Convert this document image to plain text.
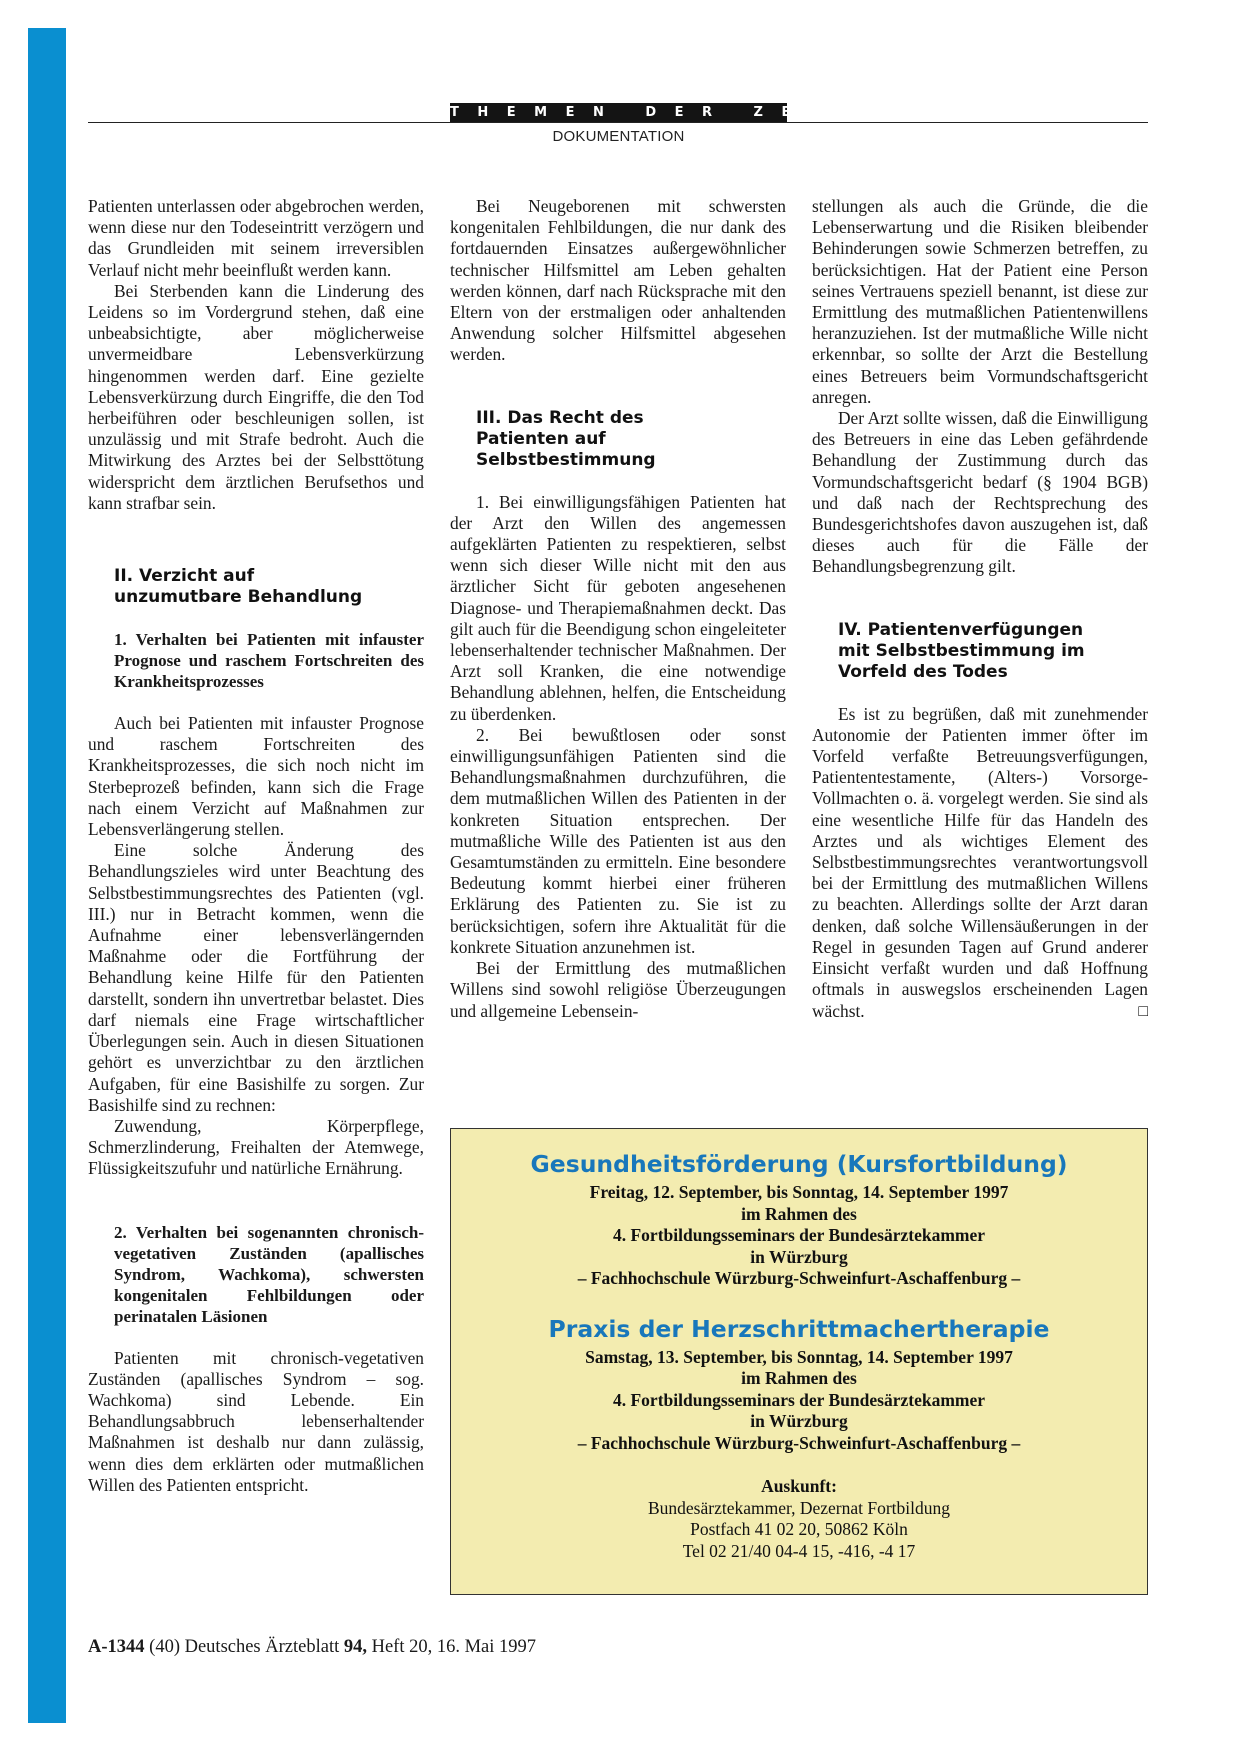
THEMEN DER ZEIT
DOKUMENTATION

Patienten unterlassen oder abgebrochen werden, wenn diese nur den Todeseintritt verzögern und das Grundleiden mit seinem irreversiblen Verlauf nicht mehr beeinflußt werden kann.

Bei Sterbenden kann die Linderung des Leidens so im Vordergrund stehen, daß eine unbeabsichtigte, aber möglicherweise unvermeidbare Lebensverkürzung hingenommen werden darf. Eine gezielte Lebensverkürzung durch Eingriffe, die den Tod herbeiführen oder beschleunigen sollen, ist unzulässig und mit Strafe bedroht. Auch die Mitwirkung des Arztes bei der Selbsttötung widerspricht dem ärztlichen Berufsethos und kann strafbar sein.

II. Verzicht auf
unzumutbare Behandlung
1. Verhalten bei Patienten mit infauster Prognose und raschem Fortschreiten des Krankheitsprozesses

Auch bei Patienten mit infauster Prognose und raschem Fortschreiten des Krankheitsprozesses, die sich noch nicht im Sterbeprozeß befinden, kann sich die Frage nach einem Verzicht auf Maßnahmen zur Lebensverlängerung stellen.

Eine solche Änderung des Behandlungszieles wird unter Beachtung des Selbstbestimmungsrechtes des Patienten (vgl. III.) nur in Betracht kommen, wenn die Aufnahme einer lebensverlängernden Maßnahme oder die Fortführung der Behandlung keine Hilfe für den Patienten darstellt, sondern ihn unvertretbar belastet. Dies darf niemals eine Frage wirtschaftlicher Überlegungen sein. Auch in diesen Situationen gehört es unverzichtbar zu den ärztlichen Aufgaben, für eine Basishilfe zu sorgen. Zur Basishilfe sind zu rechnen:

Zuwendung, Körperpflege, Schmerzlinderung, Freihalten der Atemwege, Flüssigkeitszufuhr und natürliche Ernährung.

2. Verhalten bei sogenannten chronisch-vegetativen Zuständen (apallisches Syndrom, Wachkoma), schwersten kongenitalen Fehlbildungen oder perinatalen Läsionen

Patienten mit chronisch-vegetativen Zuständen (apallisches Syndrom – sog. Wachkoma) sind Lebende. Ein Behandlungsabbruch lebenserhaltender Maßnahmen ist deshalb nur dann zulässig, wenn dies dem erklärten oder mutmaßlichen Willen des Patienten entspricht.

Bei Neugeborenen mit schwersten kongenitalen Fehlbildungen, die nur dank des fortdauernden Einsatzes außergewöhnlicher technischer Hilfsmittel am Leben gehalten werden können, darf nach Rücksprache mit den Eltern von der erstmaligen oder anhaltenden Anwendung solcher Hilfsmittel abgesehen werden.

III. Das Recht des
Patienten auf
Selbstbestimmung

1. Bei einwilligungsfähigen Patienten hat der Arzt den Willen des angemessen aufgeklärten Patienten zu respektieren, selbst wenn sich dieser Wille nicht mit den aus ärztlicher Sicht für geboten angesehenen Diagnose- und Therapiemaßnahmen deckt. Das gilt auch für die Beendigung schon eingeleiteter lebenserhaltender technischer Maßnahmen. Der Arzt soll Kranken, die eine notwendige Behandlung ablehnen, helfen, die Entscheidung zu überdenken.

2. Bei bewußtlosen oder sonst einwilligungsunfähigen Patienten sind die Behandlungsmaßnahmen durchzuführen, die dem mutmaßlichen Willen des Patienten in der konkreten Situation entsprechen. Der mutmaßliche Wille des Patienten ist aus den Gesamtumständen zu ermitteln. Eine besondere Bedeutung kommt hierbei einer früheren Erklärung des Patienten zu. Sie ist zu berücksichtigen, sofern ihre Aktualität für die konkrete Situation anzunehmen ist.

Bei der Ermittlung des mutmaßlichen Willens sind sowohl religiöse Überzeugungen und allgemeine Lebensein-

stellungen als auch die Gründe, die die Lebenserwartung und die Risiken bleibender Behinderungen sowie Schmerzen betreffen, zu berücksichtigen. Hat der Patient eine Person seines Vertrauens speziell benannt, ist diese zur Ermittlung des mutmaßlichen Patientenwillens heranzuziehen. Ist der mutmaßliche Wille nicht erkennbar, so sollte der Arzt die Bestellung eines Betreuers beim Vormundschaftsgericht anregen.

Der Arzt sollte wissen, daß die Einwilligung des Betreuers in eine das Leben gefährdende Behandlung der Zustimmung durch das Vormundschaftsgericht bedarf (§ 1904 BGB) und daß nach der Rechtsprechung des Bundesgerichtshofes davon auszugehen ist, daß dieses auch für die Fälle der Behandlungsbegrenzung gilt.

IV. Patientenverfügungen
mit Selbstbestimmung im
Vorfeld des Todes

Es ist zu begrüßen, daß mit zunehmender Autonomie der Patienten immer öfter im Vorfeld verfaßte Betreuungsverfügungen, Patiententestamente, (Alters-) Vorsorge-Vollmachten o. ä. vorgelegt werden. Sie sind als eine wesentliche Hilfe für das Handeln des Arztes und als wichtiges Element des Selbstbestimmungsrechtes verantwortungsvoll bei der Ermittlung des mutmaßlichen Willens zu beachten. Allerdings sollte der Arzt daran denken, daß solche Willensäußerungen in der Regel in gesunden Tagen auf Grund anderer Einsicht verfaßt wurden und daß Hoffnung oftmals in auswegslos erscheinenden Lagen wächst.	□

Gesundheitsförderung (Kursfortbildung)
Freitag, 12. September, bis Sonntag, 14. September 1997
im Rahmen des
4. Fortbildungsseminars der Bundesärztekammer
in Würzburg
– Fachhochschule Würzburg-Schweinfurt-Aschaffenburg –
Praxis der Herzschrittmachertherapie
Samstag, 13. September, bis Sonntag, 14. September 1997
im Rahmen des
4. Fortbildungsseminars der Bundesärztekammer
in Würzburg
– Fachhochschule Würzburg-Schweinfurt-Aschaffenburg –
Auskunft:
Bundesärztekammer, Dezernat Fortbildung
Postfach 41 02 20, 50862 Köln
Tel 02 21/40 04-4 15, -416, -4 17
A-1344 (40) Deutsches Ärzteblatt 94, Heft 20, 16. Mai 1997
